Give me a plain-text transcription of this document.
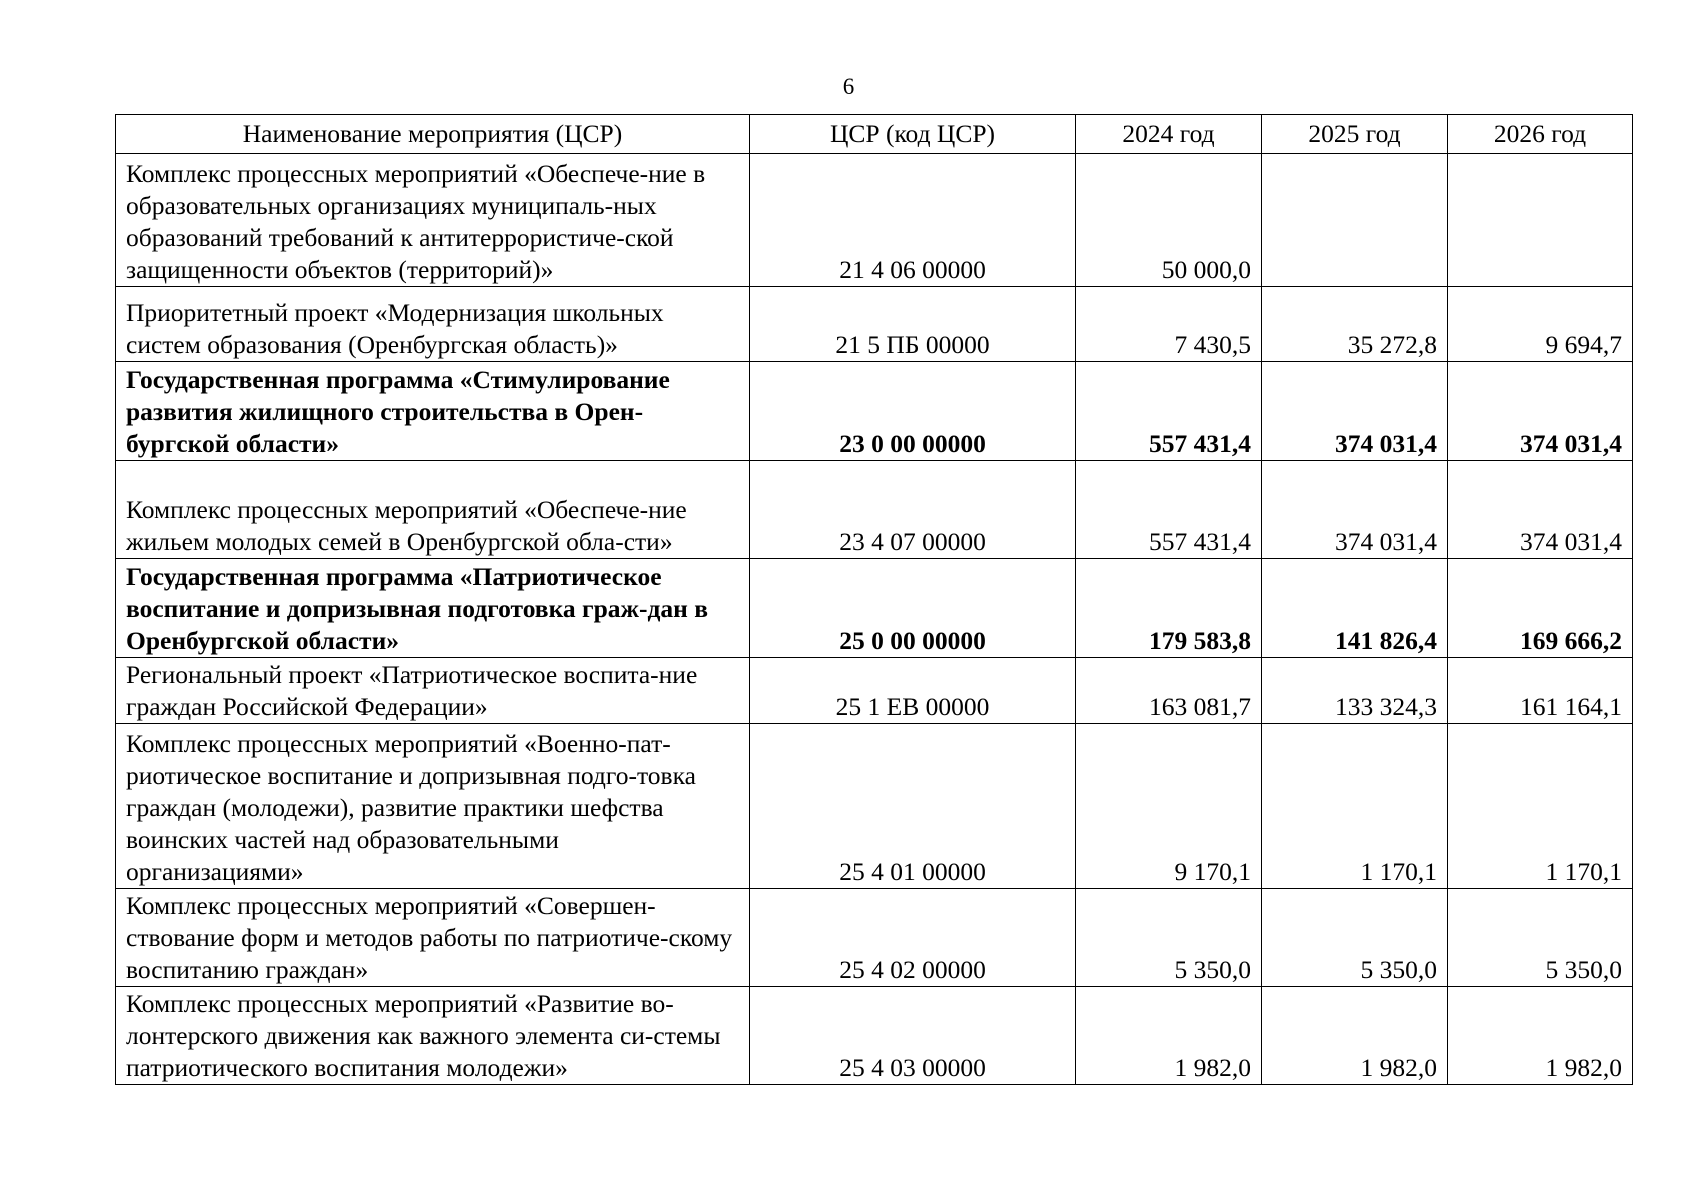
6
Наименование мероприятия (ЦСР)	ЦСР (код ЦСР)	2024 год	2025 год	2026 год
Комплекс процессных мероприятий «Обеспече-ние в образовательных организациях муниципаль-ных образований требований к антитеррористиче-ской защищенности объектов (территорий)»	21 4 06 00000	50 000,0		
Приоритетный проект «Модернизация школьных систем образования (Оренбургская область)»	21 5 ПБ 00000	7 430,5	35 272,8	9 694,7
Государственная программа «Стимулирование развития жилищного строительства в Орен-бургской области»	23 0 00 00000	557 431,4	374 031,4	374 031,4
Комплекс процессных мероприятий «Обеспече-ние жильем молодых семей в Оренбургской обла-сти»	23 4 07 00000	557 431,4	374 031,4	374 031,4
Государственная программа «Патриотическое воспитание и допризывная подготовка граж-дан в Оренбургской области»	25 0 00 00000	179 583,8	141 826,4	169 666,2
Региональный проект «Патриотическое воспита-ние граждан Российской Федерации»	25 1 EB 00000	163 081,7	133 324,3	161 164,1
Комплекс процессных мероприятий «Военно-пат-риотическое воспитание и допризывная подго-товка граждан (молодежи), развитие практики шефства воинских частей над образовательными организациями»	25 4 01 00000	9 170,1	1 170,1	1 170,1
Комплекс процессных мероприятий «Совершен-ствование форм и методов работы по патриотиче-скому воспитанию граждан»	25 4 02 00000	5 350,0	5 350,0	5 350,0
Комплекс процессных мероприятий «Развитие во-лонтерского движения как важного элемента си-стемы патриотического воспитания молодежи»	25 4 03 00000	1 982,0	1 982,0	1 982,0
